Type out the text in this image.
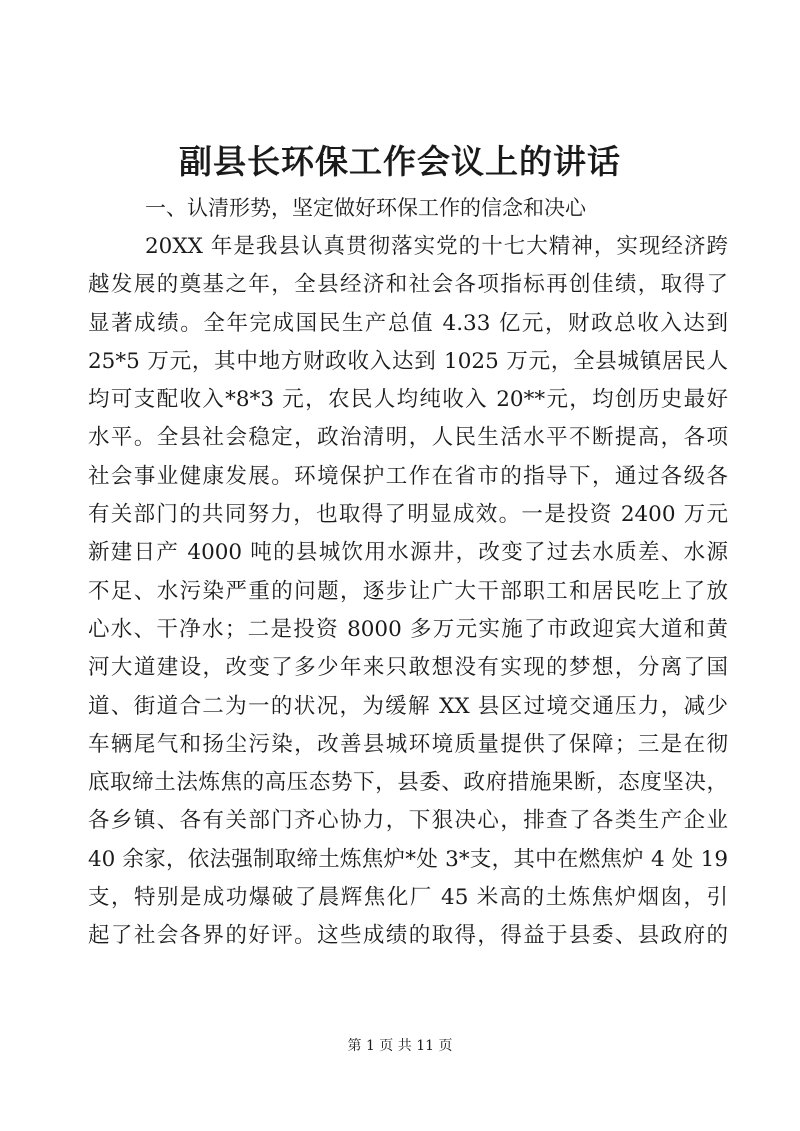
副县长环保工作会议上的讲话

一、认清形势，坚定做好环保工作的信念和决心

20XX 年是我县认真贯彻落实党的十七大精神，实现经济跨
越发展的奠基之年，全县经济和社会各项指标再创佳绩，取得了
显著成绩。全年完成国民生产总值 4.33 亿元，财政总收入达到
25*5 万元，其中地方财政收入达到 1025 万元，全县城镇居民人
均可支配收入*8*3 元，农民人均纯收入 20**元，均创历史最好
水平。全县社会稳定，政治清明，人民生活水平不断提高，各项
社会事业健康发展。环境保护工作在省市的指导下，通过各级各
有关部门的共同努力，也取得了明显成效。一是投资 2400 万元
新建日产 4000 吨的县城饮用水源井，改变了过去水质差、水源
不足、水污染严重的问题，逐步让广大干部职工和居民吃上了放
心水、干净水；二是投资 8000 多万元实施了市政迎宾大道和黄
河大道建设，改变了多少年来只敢想没有实现的梦想，分离了国
道、街道合二为一的状况，为缓解 XX 县区过境交通压力，减少
车辆尾气和扬尘污染，改善县城环境质量提供了保障；三是在彻
底取缔土法炼焦的高压态势下，县委、政府措施果断，态度坚决，
各乡镇、各有关部门齐心协力，下狠决心，排查了各类生产企业
40 余家，依法强制取缔土炼焦炉*处 3*支，其中在燃焦炉 4 处 19
支，特别是成功爆破了晨辉焦化厂 45 米高的土炼焦炉烟囱，引
起了社会各界的好评。这些成绩的取得，得益于县委、县政府的
第 1 页 共 11 页
